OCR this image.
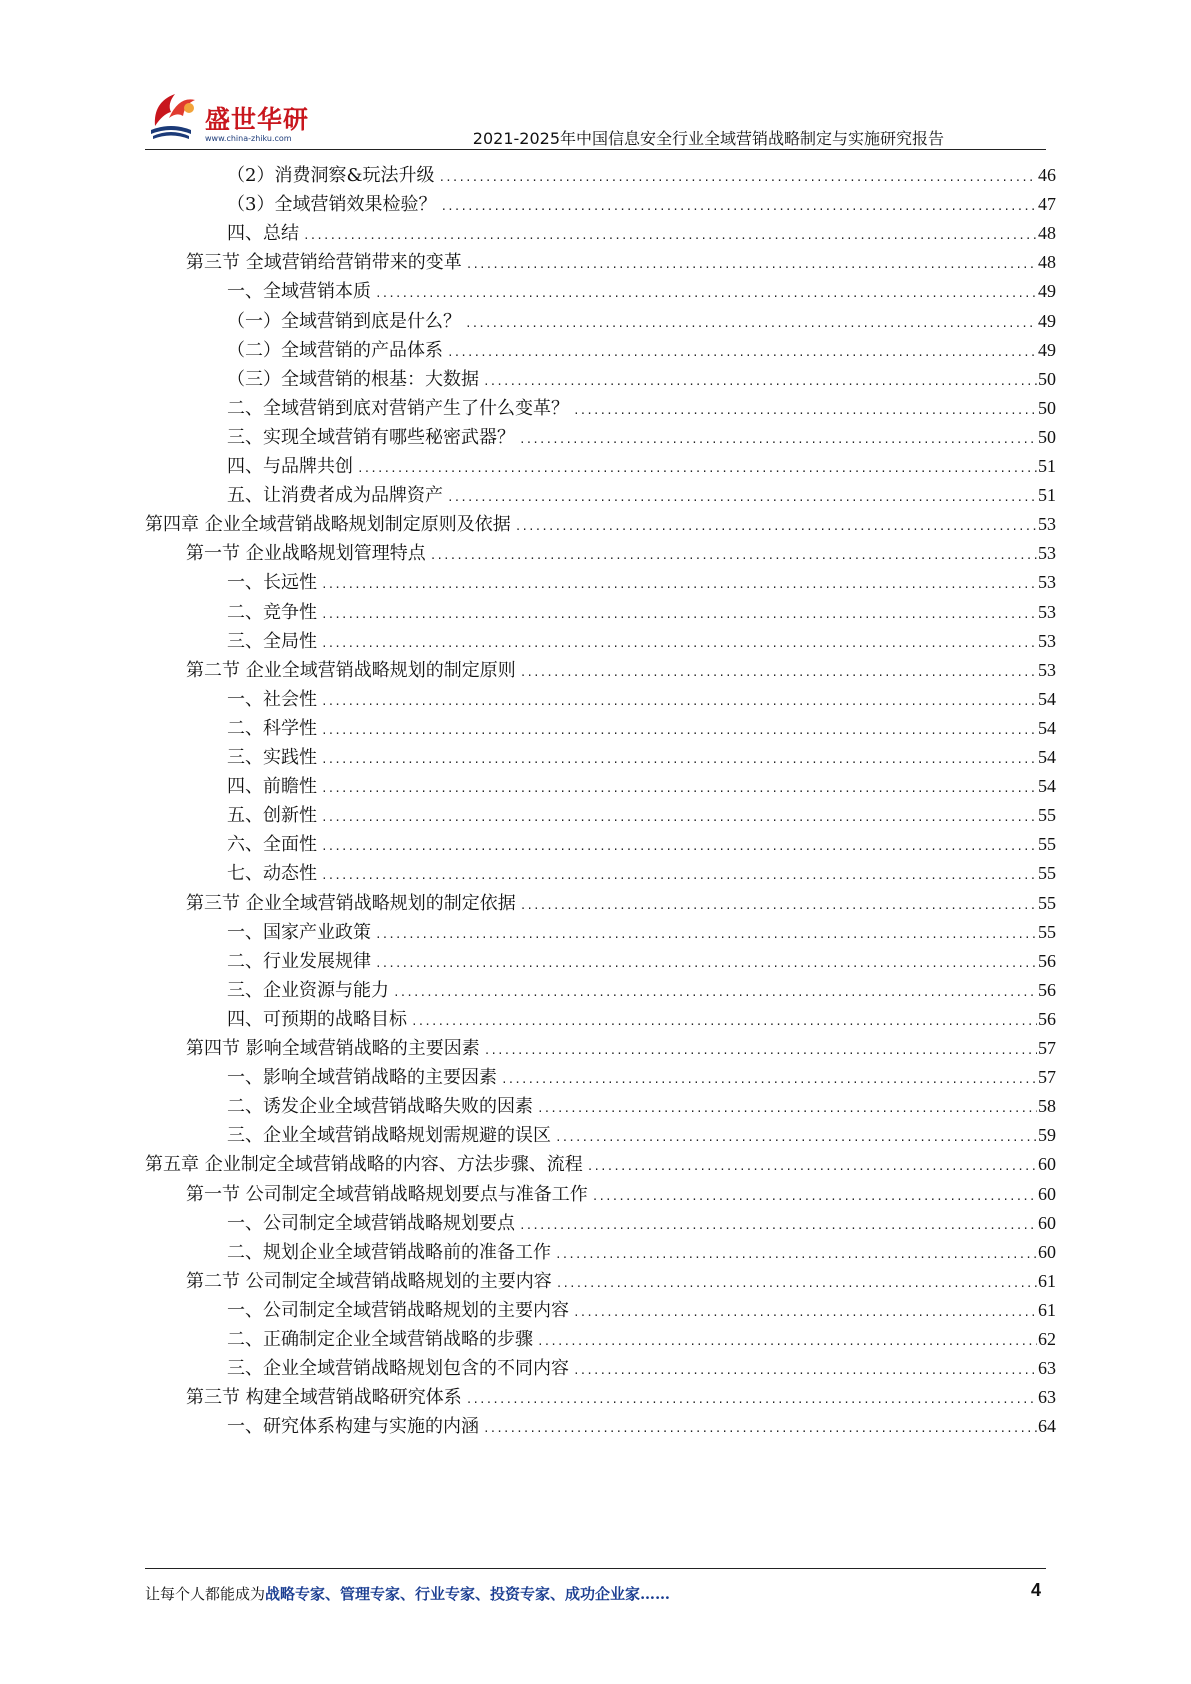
盛世华研
www.china-zhiku.com	2021-2025年中国信息安全行业全域营销战略制定与实施研究报告
（2）消费洞察&玩法升级 .....	46
（3）全域营销效果检验？ .....	47
四、总结 .....	48
第三节 全域营销给营销带来的变革 .....	48
一、全域营销本质 .....	49
（一）全域营销到底是什么？ .....	49
（二）全域营销的产品体系 .....	49
（三）全域营销的根基：大数据 .....	50
二、全域营销到底对营销产生了什么变革？ .....	50
三、实现全域营销有哪些秘密武器？ .....	50
四、与品牌共创 .....	51
五、让消费者成为品牌资产 .....	51
第四章 企业全域营销战略规划制定原则及依据 .....	53
第一节 企业战略规划管理特点 .....	53
一、长远性 .....	53
二、竞争性 .....	53
三、全局性 .....	53
第二节 企业全域营销战略规划的制定原则 .....	53
一、社会性 .....	54
二、科学性 .....	54
三、实践性 .....	54
四、前瞻性 .....	54
五、创新性 .....	55
六、全面性 .....	55
七、动态性 .....	55
第三节 企业全域营销战略规划的制定依据 .....	55
一、国家产业政策 .....	55
二、行业发展规律 .....	56
三、企业资源与能力 .....	56
四、可预期的战略目标 .....	56
第四节 影响全域营销战略的主要因素 .....	57
一、影响全域营销战略的主要因素 .....	57
二、诱发企业全域营销战略失败的因素 .....	58
三、企业全域营销战略规划需规避的误区 .....	59
第五章 企业制定全域营销战略的内容、方法步骤、流程 .....	60
第一节 公司制定全域营销战略规划要点与准备工作 .....	60
一、公司制定全域营销战略规划要点 .....	60
二、规划企业全域营销战略前的准备工作 .....	60
第二节 公司制定全域营销战略规划的主要内容 .....	61
一、公司制定全域营销战略规划的主要内容 .....	61
二、正确制定企业全域营销战略的步骤 .....	62
三、企业全域营销战略规划包含的不同内容 .....	63
第三节 构建全域营销战略研究体系 .....	63
一、研究体系构建与实施的内涵 .....	64
让每个人都能成为战略专家、管理专家、行业专家、投资专家、成功企业家……	4
